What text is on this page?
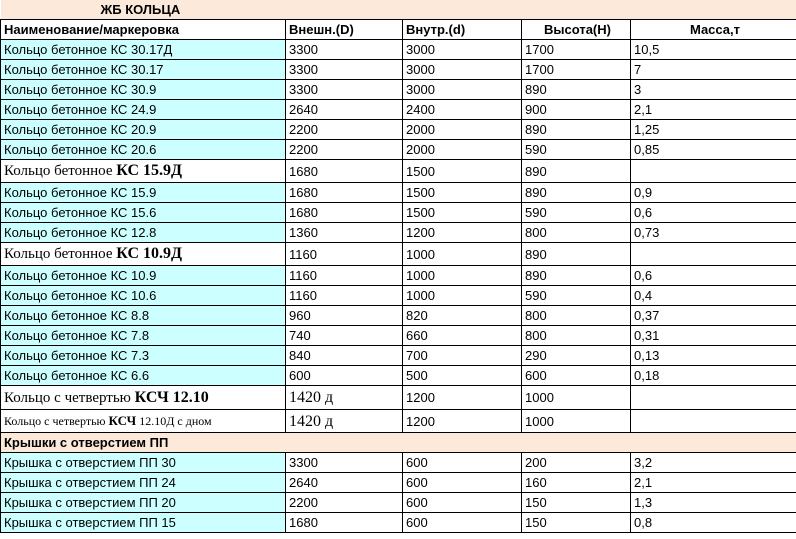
ЖБ КОЛЬЦА				
Наименование/маркеровка	Внешн.(D)	Внутр.(d)	Высота(H)	Масса,т
Кольцо бетонное КС 30.17Д	3300	3000	1700	10,5
Кольцо бетонное КС 30.17	3300	3000	1700	7
Кольцо бетонное КС 30.9	3300	3000	890	3
Кольцо бетонное КС 24.9	2640	2400	900	2,1
Кольцо бетонное КС 20.9	2200	2000	890	1,25
Кольцо бетонное КС 20.6	2200	2000	590	0,85
Кольцо бетонное КС 15.9Д	1680	1500	890	
Кольцо бетонное КС 15.9	1680	1500	890	0,9
Кольцо бетонное КС 15.6	1680	1500	590	0,6
Кольцо бетонное КС 12.8	1360	1200	800	0,73
Кольцо бетонное КС 10.9Д	1160	1000	890	
Кольцо бетонное КС 10.9	1160	1000	890	0,6
Кольцо бетонное КС 10.6	1160	1000	590	0,4
Кольцо бетонное КС 8.8	960	820	800	0,37
Кольцо бетонное КС 7.8	740	660	800	0,31
Кольцо бетонное КС 7.3	840	700	290	0,13
Кольцо бетонное КС 6.6	600	500	600	0,18
Кольцо с четвертью КСЧ 12.10	1420 д	1200	1000	
Кольцо с четвертью КСЧ 12.10Д с дном	1420 д	1200	1000	
Крышки с отверстием ПП				
Крышка с отверстием ПП 30	3300	600	200	3,2
Крышка с отверстием ПП 24	2640	600	160	2,1
Крышка с отверстием ПП 20	2200	600	150	1,3
Крышка с отверстием ПП 15	1680	600	150	0,8
